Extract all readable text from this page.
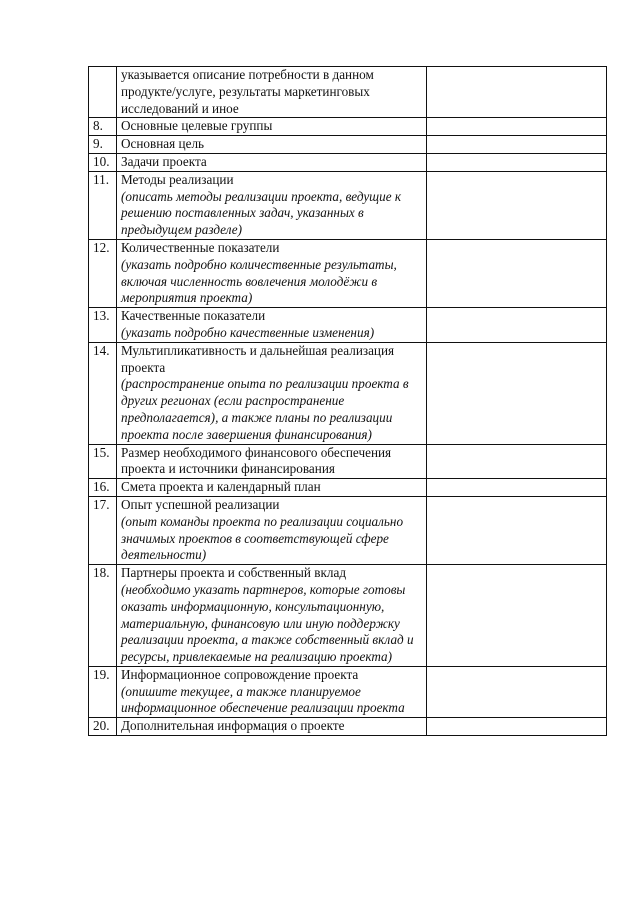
	указывается описание потребности в данном продукте/услуге, результаты маркетинговых исследований и иное	

8.	Основные целевые группы	

9.	Основная цель	

10.	Задачи проекта	

11.	Методы реализации
(описать методы реализации проекта, ведущие к решению поставленных задач, указанных в предыдущем разделе)	

12.	Количественные показатели
(указать подробно количественные результаты, включая численность вовлечения молодёжи в мероприятия проекта)	

13.	Качественные показатели
(указать подробно качественные изменения)	

14.	Мультипликативность и дальнейшая реализация проекта
(распространение опыта по реализации проекта в других регионах (если распространение предполагается), а также планы по реализации проекта после завершения финансирования)	

15.	Размер необходимого финансового обеспечения проекта и источники финансирования	

16.	Смета проекта и календарный план	

17.	Опыт успешной реализации
(опыт команды проекта по реализации социально значимых проектов в соответствующей сфере деятельности)	

18.	Партнеры проекта и собственный вклад
(необходимо указать партнеров, которые готовы оказать информационную, консультационную, материальную, финансовую или иную поддержку реализации проекта, а также собственный вклад и ресурсы, привлекаемые на реализацию проекта)	

19.	Информационное сопровождение проекта
(опишите текущее, а также планируемое информационное обеспечение реализации проекта	

20.	Дополнительная информация о проекте	
